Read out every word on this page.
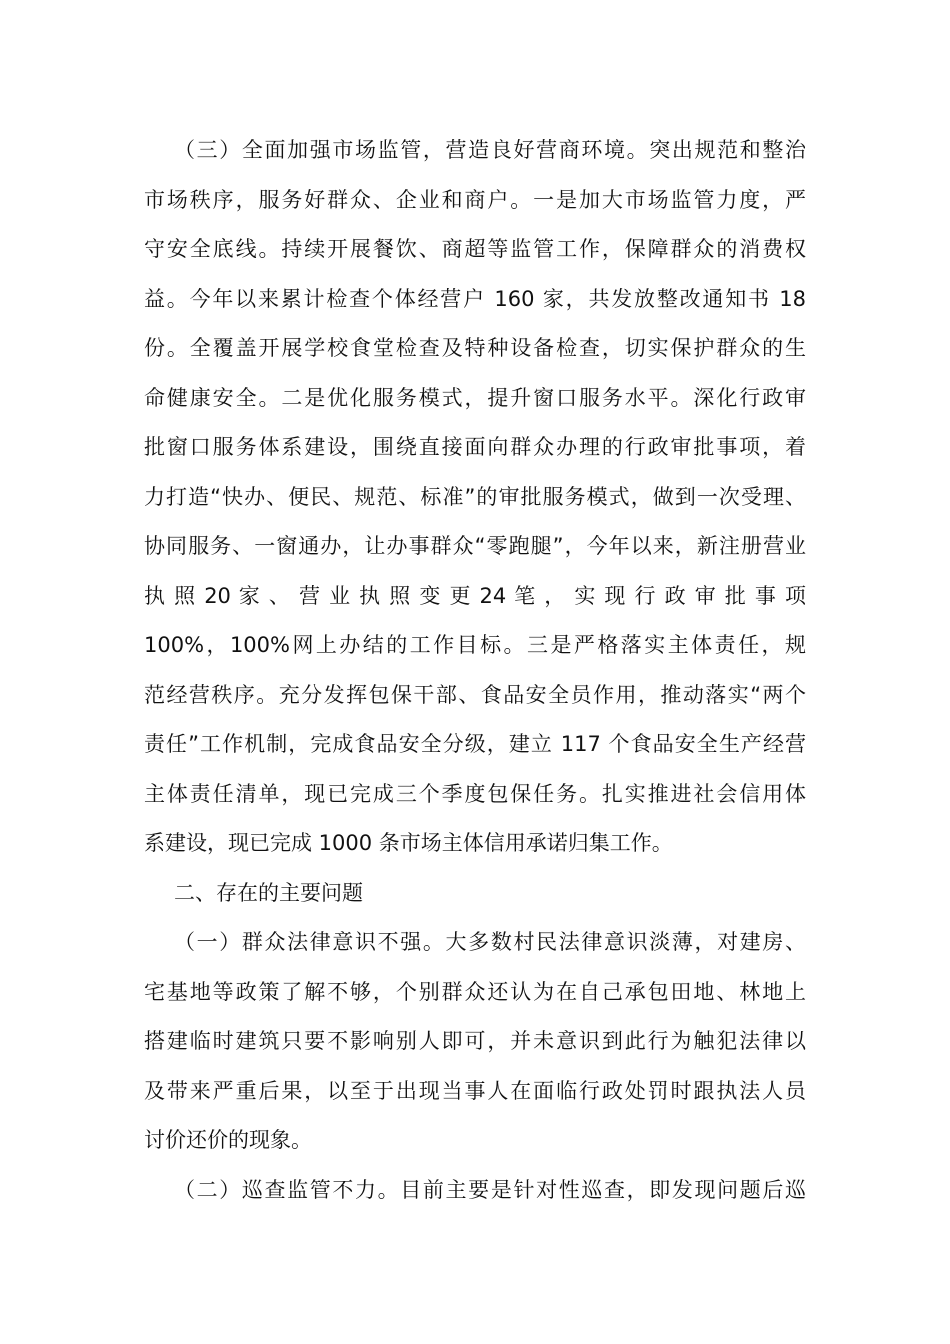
（三）全面加强市场监管，营造良好营商环境。突出规范和整治
市场秩序，服务好群众、企业和商户。一是加大市场监管力度，严
守安全底线。持续开展餐饮、商超等监管工作，保障群众的消费权
益。今年以来累计检查个体经营户 160 家，共发放整改通知书 18
份。全覆盖开展学校食堂检查及特种设备检查，切实保护群众的生
命健康安全。二是优化服务模式，提升窗口服务水平。深化行政审
批窗口服务体系建设，围绕直接面向群众办理的行政审批事项，着
力打造“快办、便民、规范、标准”的审批服务模式，做到一次受理、
协同服务、一窗通办，让办事群众“零跑腿”，今年以来，新注册营业
执 照 20 家 、 营 业 执 照 变 更 24 笔 ， 实 现 行 政 审 批 事 项
100%，100%网上办结的工作目标。三是严格落实主体责任，规
范经营秩序。充分发挥包保干部、食品安全员作用，推动落实“两个
责任”工作机制，完成食品安全分级，建立 117 个食品安全生产经营
主体责任清单，现已完成三个季度包保任务。扎实推进社会信用体
系建设，现已完成 1000 条市场主体信用承诺归集工作。
二、存在的主要问题
（一）群众法律意识不强。大多数村民法律意识淡薄，对建房、
宅基地等政策了解不够，个别群众还认为在自己承包田地、林地上
搭建临时建筑只要不影响别人即可，并未意识到此行为触犯法律以
及带来严重后果，以至于出现当事人在面临行政处罚时跟执法人员
讨价还价的现象。
（二）巡查监管不力。目前主要是针对性巡查，即发现问题后巡
